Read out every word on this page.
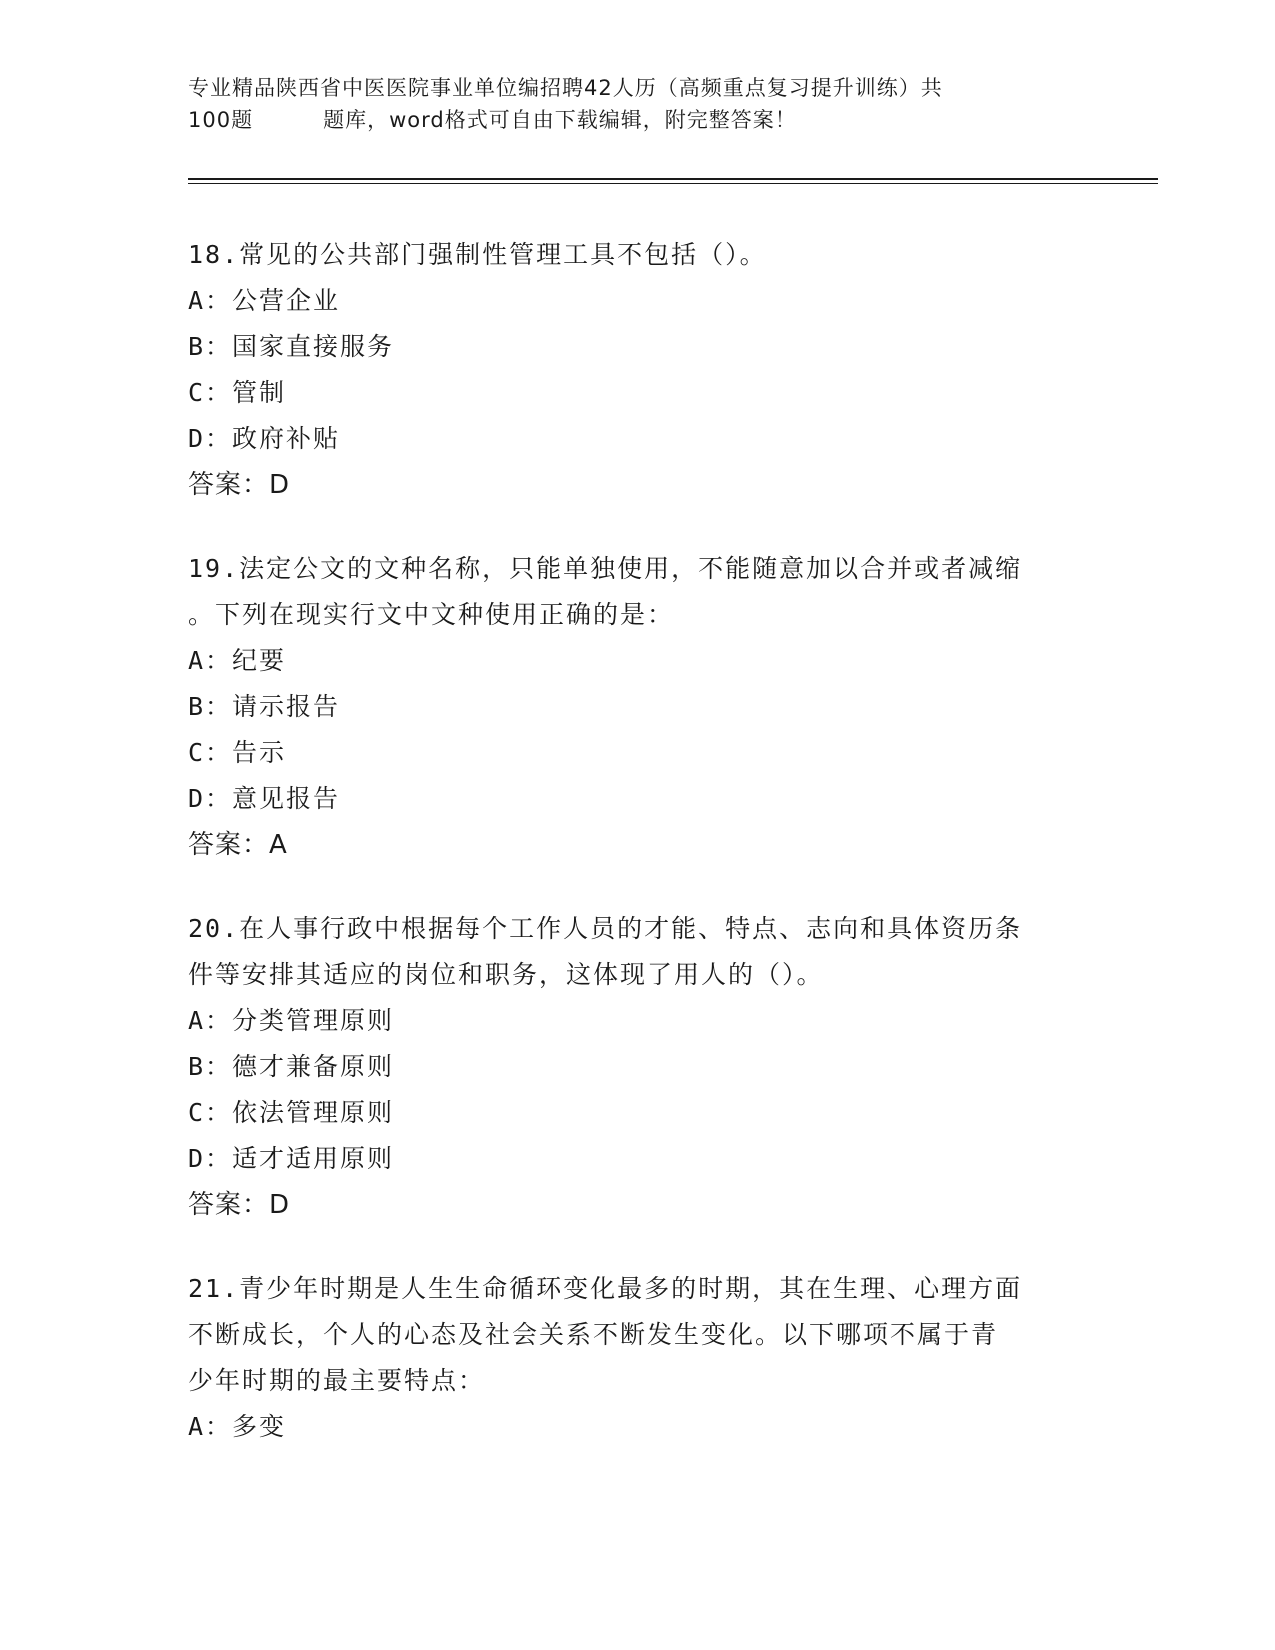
专业精品陕西省中医医院事业单位编招聘42人历（高频重点复习提升训练）共
100题	题库，word格式可自由下载编辑，附完整答案！
18.常见的公共部门强制性管理工具不包括（）。
A：公营企业
B：国家直接服务
C：管制
D：政府补贴
答案：D
19.法定公文的文种名称，只能单独使用，不能随意加以合并或者减缩
。下列在现实行文中文种使用正确的是：
A：纪要
B：请示报告
C：告示
D：意见报告
答案：A
20.在人事行政中根据每个工作人员的才能、特点、志向和具体资历条
件等安排其适应的岗位和职务，这体现了用人的（）。
A：分类管理原则
B：德才兼备原则
C：依法管理原则
D：适才适用原则
答案：D
21.青少年时期是人生生命循环变化最多的时期，其在生理、心理方面
不断成长，个人的心态及社会关系不断发生变化。以下哪项不属于青
少年时期的最主要特点：
A：多变
